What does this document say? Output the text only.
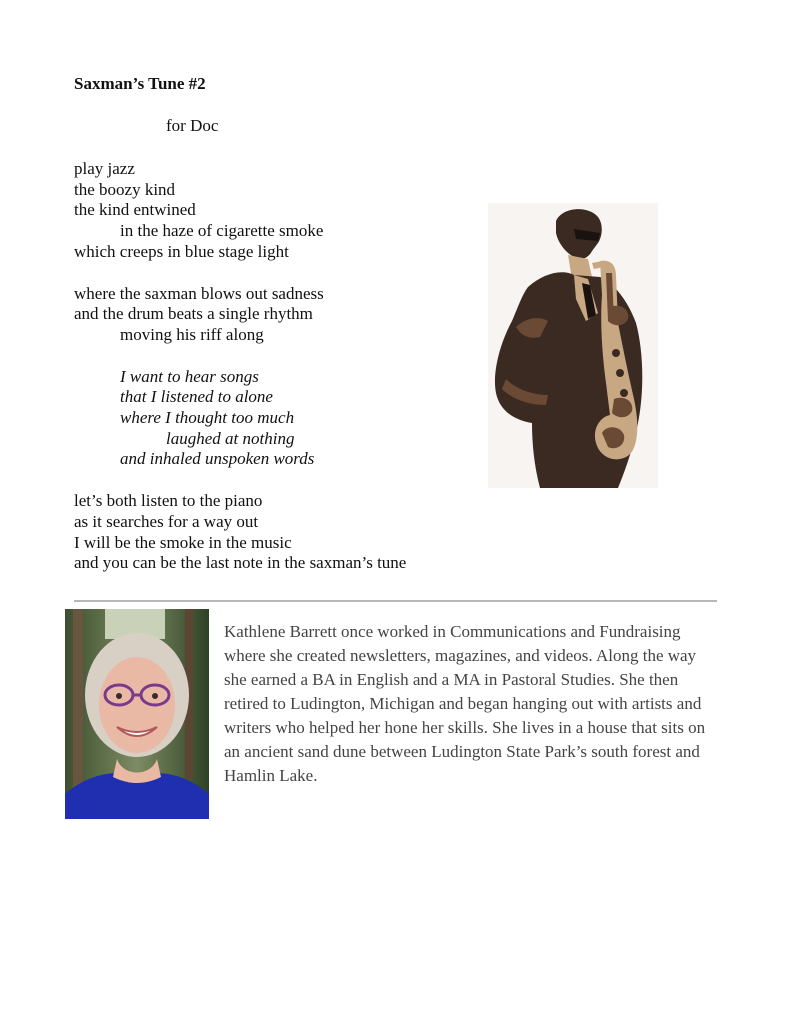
Saxman’s Tune #2

for Doc

play jazz
the boozy kind
the kind entwined
in the haze of cigarette smoke
which creeps in blue stage light
where the saxman blows out sadness
and the drum beats a single rhythm
moving his riff along
I want to hear songs
that I listened to alone
where I thought too much
laughed at nothing
and inhaled unspoken words
let’s both listen to the piano
as it searches for a way out
I will be the smoke in the music
and you can be the last note in the saxman’s tune

Kathlene Barrett once worked in Communications and Fundraising where she created newsletters, magazines, and videos. Along the way she earned a BA in English and a MA in Pastoral Studies. She then retired to Ludington, Michigan and began hanging out with artists and writers who helped her hone her skills. She lives in a house that sits on an ancient sand dune between Ludington State Park’s south forest and Hamlin Lake.
